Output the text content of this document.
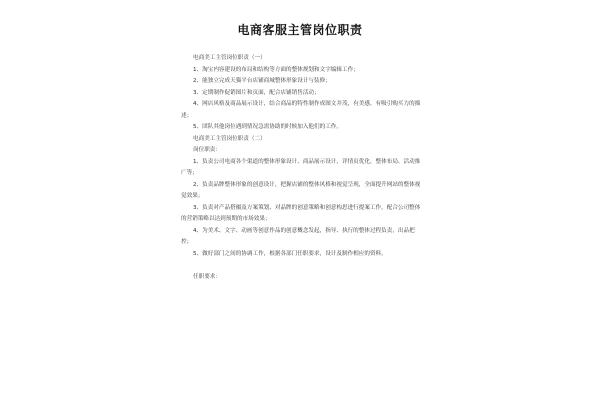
电商客服主管岗位职责

电商美工主管岗位职责（一）

1、淘宝内容建设的布局和结构等方面的整体规划和文字编辑工作；

2、能独立完成天猫平台店铺商城整体形象设计与装修；

3、定期制作促销图片和页面，配合店铺销售活动；

4、网店风格及商品展示设计，结合商品的特性制作成图文并茂，有美感，有吸引购买力的描述；

5、团队其他岗位遇到情况急需协助的时候加入他们的工作。

电商美工主管岗位职责（二）

岗位职责：

1、负责公司电商各个渠道的整体形象设计、商品展示设计，详情页优化，整体布局、活动推广等；

2、负责品牌整体形象的创意设计，把握店铺的整体风格和视觉呈现，全面提升网站的整体视觉效果；

3、负责对产品搭摄及方案策划、对品牌的创意策略和创意构思进行提案工作，配合公司整体的营销策略以达到预期的市场效果；

4、为美术、文字、动画等创意作品的创意概念发起，指导、执行的整体过程负责，出品把控；

5、做好部门之间的协调工作，根据各部门任职要求，设计及制作相应的资料。

任职要求：
